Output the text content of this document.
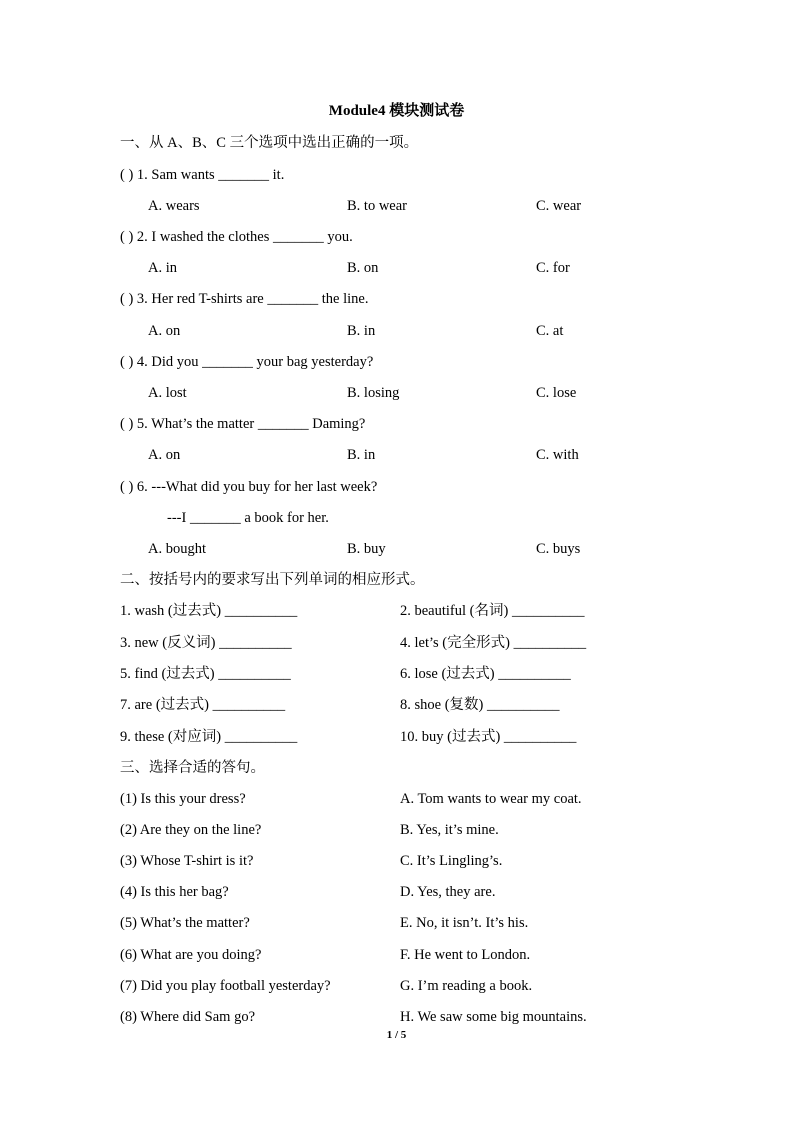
Module4 模块测试卷
一、从 A、B、C 三个选项中选出正确的一项。
( ) 1. Sam wants _______ it.
A. wears	B. to wear	C. wear
( ) 2. I washed the clothes _______ you.
A. in	B. on	C. for
( ) 3. Her red T-shirts are _______ the line.
A. on	B. in	C. at
( ) 4. Did you _______ your bag yesterday?
A. lost	B. losing	C. lose
( ) 5. What’s the matter _______ Daming?
A. on	B. in	C. with
( ) 6. ---What did you buy for her last week?
---I _______ a book for her.
A. bought	B. buy	C. buys
二、按括号内的要求写出下列单词的相应形式。
1. wash (过去式) __________	2. beautiful (名词) __________
3. new (反义词) __________	4. let’s (完全形式) __________
5. find (过去式) __________	6. lose (过去式) __________
7. are (过去式) __________	8. shoe (复数) __________
9. these (对应词) __________	10. buy (过去式) __________
三、选择合适的答句。
(1) Is this your dress?	A. Tom wants to wear my coat.
(2) Are they on the line?	B. Yes, it’s mine.
(3) Whose T-shirt is it?	C. It’s Lingling’s.
(4) Is this her bag?	D. Yes, they are.
(5) What’s the matter?	E. No, it isn’t. It’s his.
(6) What are you doing?	F. He went to London.
(7) Did you play football yesterday?	G. I’m reading a book.
(8) Where did Sam go?	H. We saw some big mountains.
1 / 5
